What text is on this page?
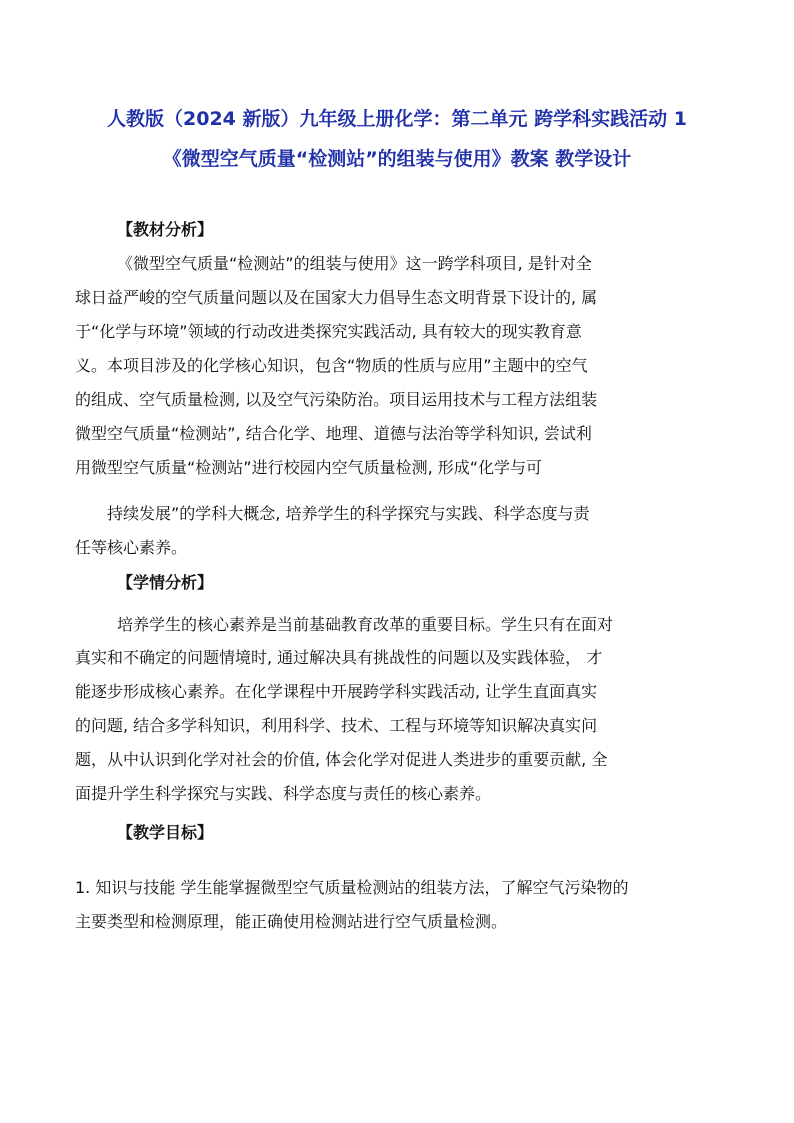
人教版（2024 新版）九年级上册化学：第二单元 跨学科实践活动 1
《微型空气质量“检测站”的组装与使用》教案 教学设计
【教材分析】
《微型空气质量“检测站”的组装与使用》这一跨学科项目, 是针对全
球日益严峻的空气质量问题以及在国家大力倡导生态文明背景下设计的, 属
于“化学与环境”领域的行动改进类探究实践活动, 具有较大的现实教育意
义。本项目涉及的化学核心知识，包含“物质的性质与应用”主题中的空气
的组成、空气质量检测, 以及空气污染防治。项目运用技术与工程方法组装
微型空气质量“检测站”, 结合化学、地理、道德与法治等学科知识, 尝试利
用微型空气质量“检测站”进行校园内空气质量检测, 形成“化学与可
持续发展”的学科大概念, 培养学生的科学探究与实践、科学态度与责
任等核心素养。
【学情分析】
培养学生的核心素养是当前基础教育改革的重要目标。学生只有在面对
真实和不确定的问题情境时, 通过解决具有挑战性的问题以及实践体验， 才
能逐步形成核心素养。在化学课程中开展跨学科实践活动, 让学生直面真实
的问题, 结合多学科知识，利用科学、技术、工程与环境等知识解决真实问
题，从中认识到化学对社会的价值, 体会化学对促进人类进步的重要贡献, 全
面提升学生科学探究与实践、科学态度与责任的核心素养。
【教学目标】
1. 知识与技能 学生能掌握微型空气质量检测站的组装方法，了解空气污染物的
主要类型和检测原理，能正确使用检测站进行空气质量检测。
